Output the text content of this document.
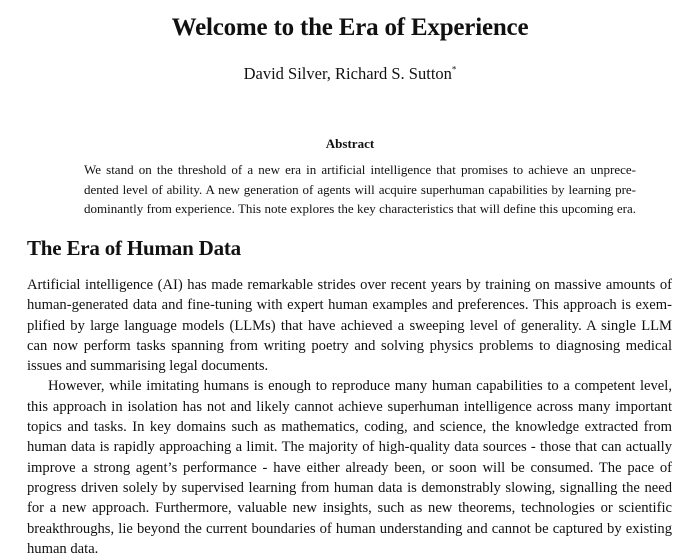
Welcome to the Era of Experience
David Silver, Richard S. Sutton*
Abstract
We stand on the threshold of a new era in artificial intelligence that promises to achieve an unprece-
dented level of ability. A new generation of agents will acquire superhuman capabilities by learning pre-
dominantly from experience. This note explores the key characteristics that will define this upcoming era.
The Era of Human Data
Artificial intelligence (AI) has made remarkable strides over recent years by training on massive amounts of
human-generated data and fine-tuning with expert human examples and preferences. This approach is exem-
plified by large language models (LLMs) that have achieved a sweeping level of generality. A single LLM
can now perform tasks spanning from writing poetry and solving physics problems to diagnosing medical
issues and summarising legal documents.
However, while imitating humans is enough to reproduce many human capabilities to a competent level,
this approach in isolation has not and likely cannot achieve superhuman intelligence across many important
topics and tasks. In key domains such as mathematics, coding, and science, the knowledge extracted from
human data is rapidly approaching a limit. The majority of high-quality data sources - those that can actually
improve a strong agent’s performance - have either already been, or soon will be consumed. The pace of
progress driven solely by supervised learning from human data is demonstrably slowing, signalling the need
for a new approach. Furthermore, valuable new insights, such as new theorems, technologies or scientific
breakthroughs, lie beyond the current boundaries of human understanding and cannot be captured by existing
human data.
